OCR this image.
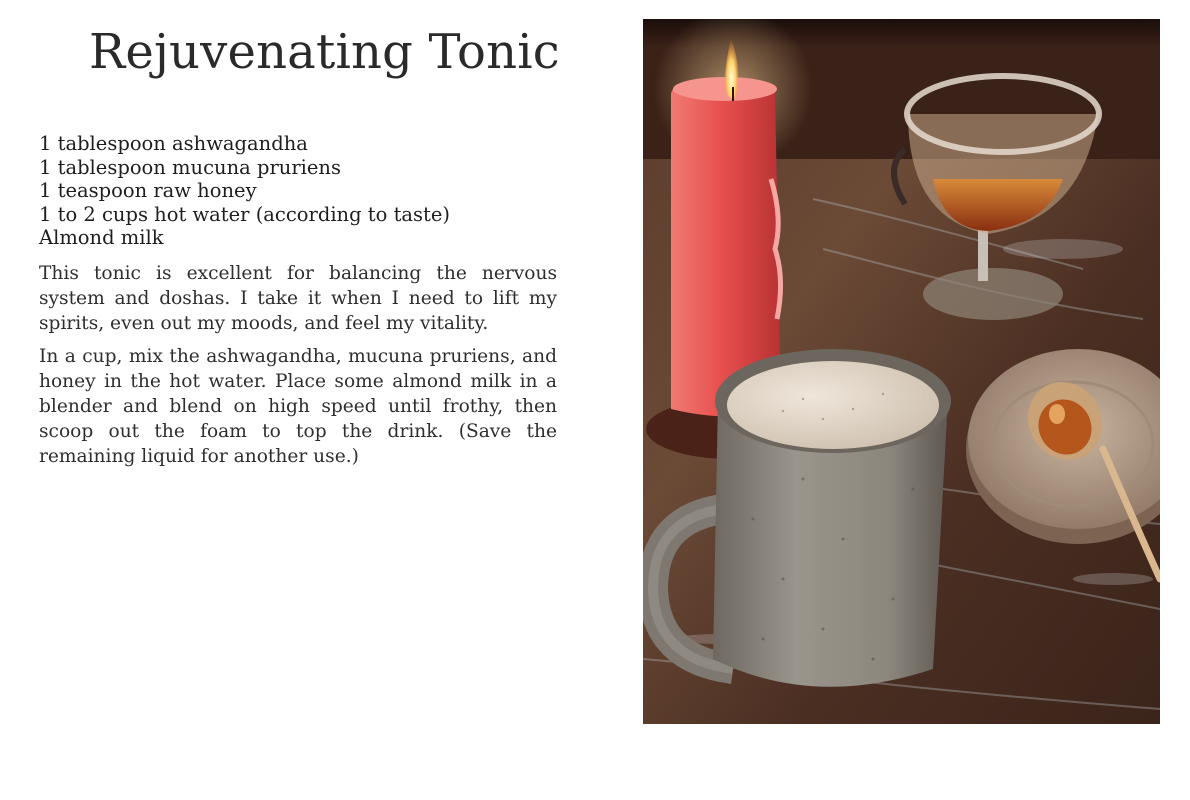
Rejuvenating Tonic
1 tablespoon ashwagandha
1 tablespoon mucuna pruriens
1 teaspoon raw honey
1 to 2 cups hot water (according to taste)
Almond milk

This tonic is excellent for balancing the nervous system and doshas. I take it when I need to lift my spirits, even out my moods, and feel my vitality.

In a cup, mix the ashwagandha, mucuna pruriens, and honey in the hot water. Place some almond milk in a blender and blend on high speed until frothy, then scoop out the foam to top the drink. (Save the remaining liquid for another use.)
